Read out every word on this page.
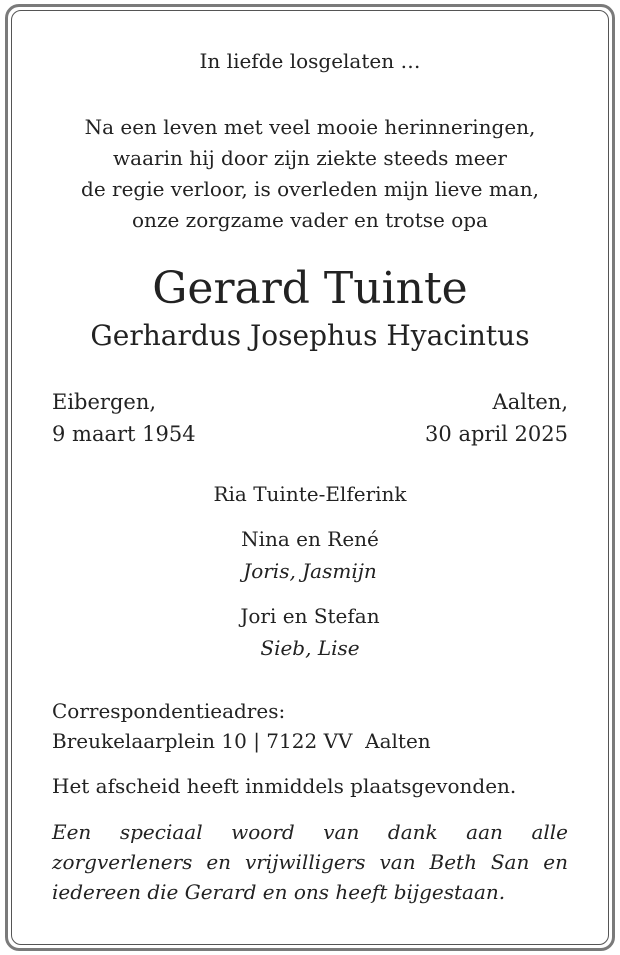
In liefde losgelaten …
Na een leven met veel mooie herinneringen,
waarin hij door zijn ziekte steeds meer
de regie verloor, is overleden mijn lieve man,
onze zorgzame vader en trotse opa
Gerard Tuinte
Gerhardus Josephus Hyacintus
Eibergen,
9 maart 1954
Aalten,
30 april 2025
Ria Tuinte-Elferink
Nina en René
Joris, Jasmijn
Jori en Stefan
Sieb, Lise
Correspondentieadres:
Breukelaarplein 10 | 7122 VV  Aalten
Het afscheid heeft inmiddels plaatsgevonden.
Een speciaal woord van dank aan alle
zorgverleners en vrijwilligers van Beth San en
iedereen die Gerard en ons heeft bijgestaan.
